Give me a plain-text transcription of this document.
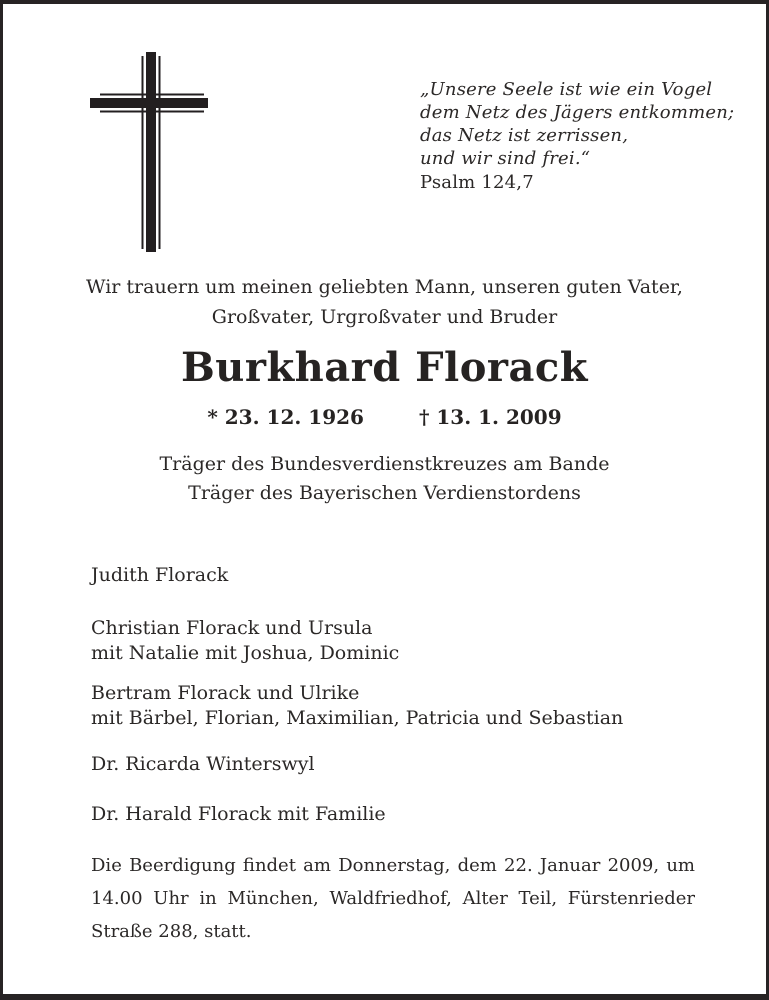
„Unsere Seele ist wie ein Vogel
dem Netz des Jägers entkommen;
das Netz ist zerrissen,
und wir sind frei.“
Psalm 124,7
Wir trauern um meinen geliebten Mann, unseren guten Vater,
Großvater, Urgroßvater und Bruder
Burkhard Florack
* 23. 12. 1926	† 13. 1. 2009
Träger des Bundesverdienstkreuzes am Bande
Träger des Bayerischen Verdienstordens
Judith Florack
Christian Florack und Ursula
mit Natalie mit Joshua, Dominic
Bertram Florack und Ulrike
mit Bärbel, Florian, Maximilian, Patricia und Sebastian
Dr. Ricarda Winterswyl
Dr. Harald Florack mit Familie
Die Beerdigung findet am Donnerstag, dem 22. Januar 2009, um
14.00 Uhr in München, Waldfriedhof, Alter Teil, Fürstenrieder
Straße 288, statt.
